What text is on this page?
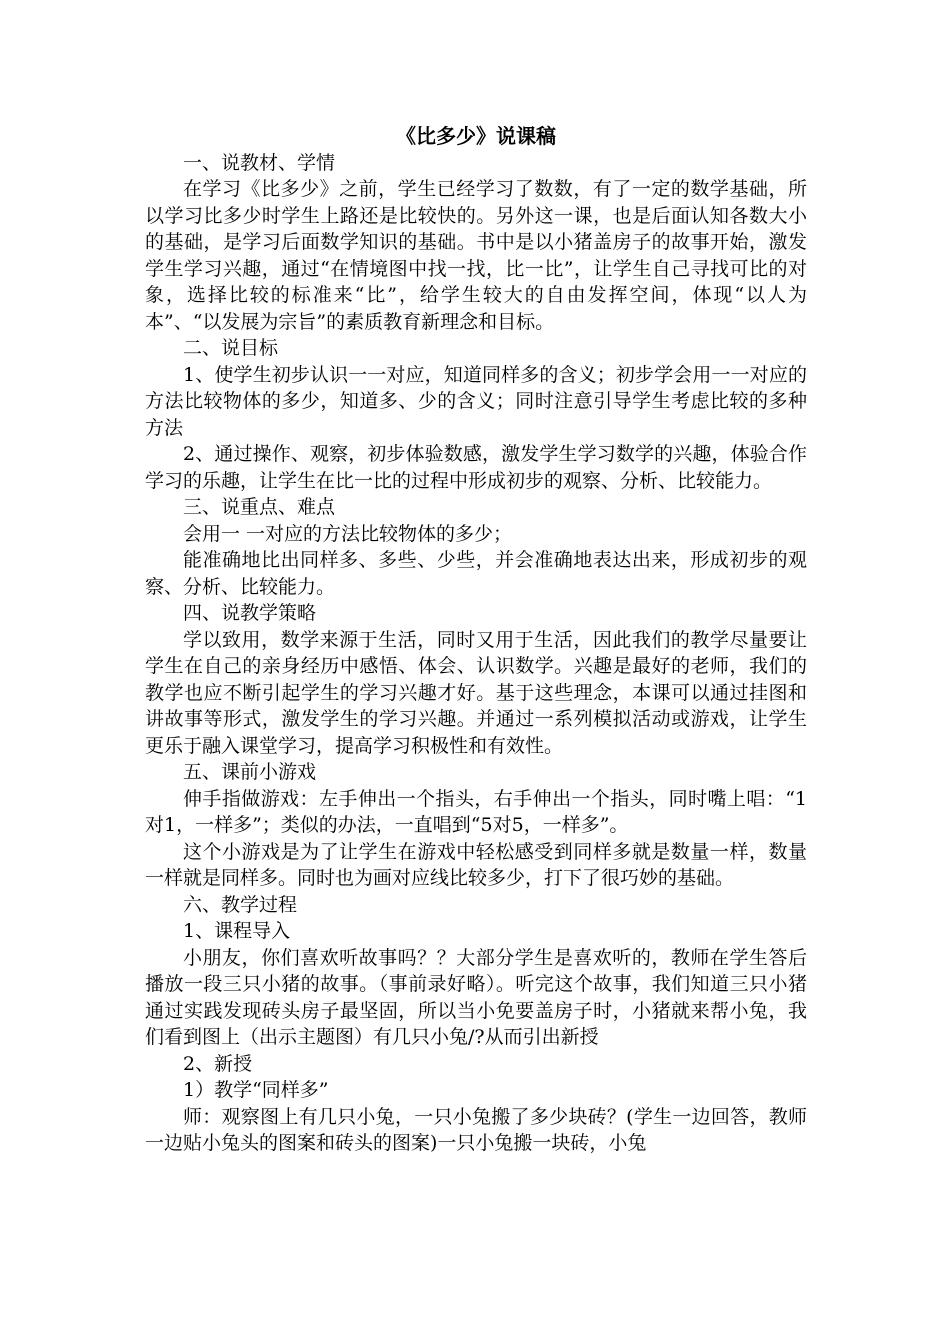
《比多少》说课稿

一、说教材、学情

在学习《比多少》之前，学生已经学习了数数，有了一定的数学基础，所以学习比多少时学生上路还是比较快的。另外这一课，也是后面认知各数大小的基础，是学习后面数学知识的基础。书中是以小猪盖房子的故事开始，激发学生学习兴趣，通过“在情境图中找一找，比一比”，让学生自己寻找可比的对象，选择比较的标准来“比”，给学生较大的自由发挥空间，体现“以人为本”、“以发展为宗旨”的素质教育新理念和目标。

二、说目标

1、使学生初步认识一一对应，知道同样多的含义；初步学会用一一对应的方法比较物体的多少，知道多、少的含义；同时注意引导学生考虑比较的多种方法

2、通过操作、观察，初步体验数感，激发学生学习数学的兴趣，体验合作学习的乐趣，让学生在比一比的过程中形成初步的观察、分析、比较能力。

三、说重点、难点

会用一 一对应的方法比较物体的多少；

能准确地比出同样多、多些、少些，并会准确地表达出来，形成初步的观察、分析、比较能力。

四、说教学策略

学以致用，数学来源于生活，同时又用于生活，因此我们的教学尽量要让学生在自己的亲身经历中感悟、体会、认识数学。兴趣是最好的老师，我们的教学也应不断引起学生的学习兴趣才好。基于这些理念，本课可以通过挂图和讲故事等形式，激发学生的学习兴趣。并通过一系列模拟活动或游戏，让学生更乐于融入课堂学习，提高学习积极性和有效性。

五、课前小游戏

伸手指做游戏：左手伸出一个指头，右手伸出一个指头，同时嘴上唱：“1对1，一样多”；类似的办法，一直唱到“5对5，一样多”。

这个小游戏是为了让学生在游戏中轻松感受到同样多就是数量一样，数量一样就是同样多。同时也为画对应线比较多少，打下了很巧妙的基础。

六、教学过程

1、课程导入

小朋友，你们喜欢听故事吗？？大部分学生是喜欢听的，教师在学生答后播放一段三只小猪的故事。（事前录好略）。听完这个故事，我们知道三只小猪通过实践发现砖头房子最坚固，所以当小免要盖房子时，小猪就来帮小兔，我们看到图上（出示主题图）有几只小兔/?从而引出新授

2、新授

1）教学“同样多”

师：观察图上有几只小兔，一只小兔搬了多少块砖？(学生一边回答，教师一边贴小兔头的图案和砖头的图案)一只小兔搬一块砖，小兔
